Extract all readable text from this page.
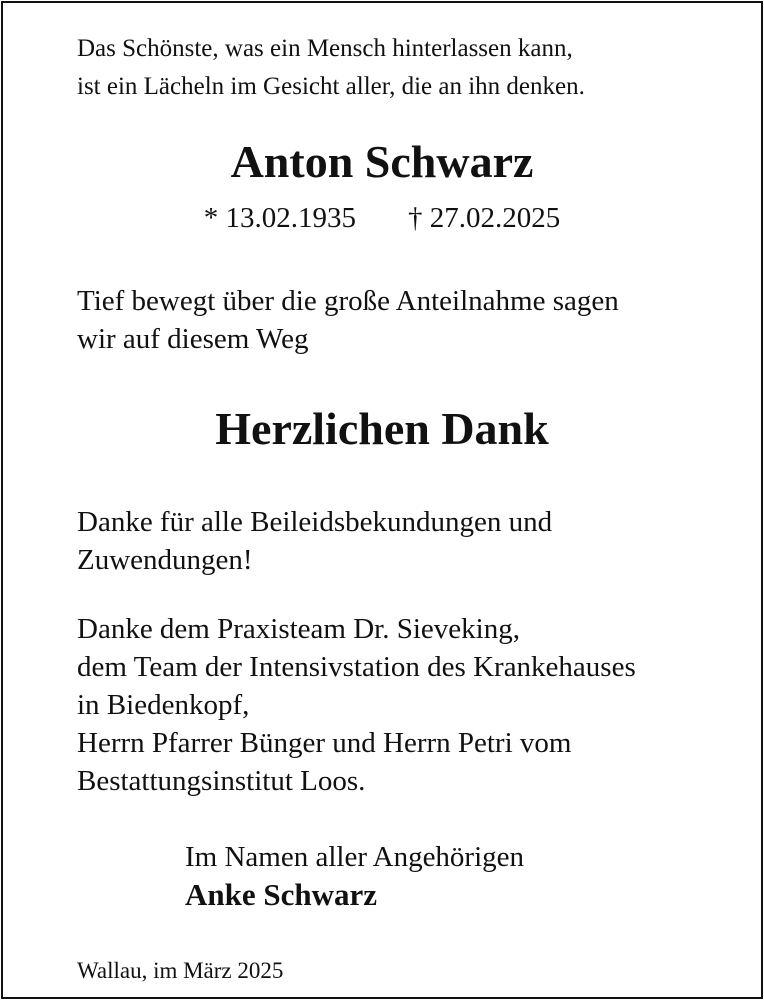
Das Schönste, was ein Mensch hinterlassen kann,
ist ein Lächeln im Gesicht aller, die an ihn denken.
Anton Schwarz
* 13.02.1935 † 27.02.2025
Tief bewegt über die große Anteilnahme sagen
wir auf diesem Weg
Herzlichen Dank
Danke für alle Beileidsbekundungen und
Zuwendungen!
Danke dem Praxisteam Dr. Sieveking,
dem Team der Intensivstation des Krankehauses
in Biedenkopf,
Herrn Pfarrer Bünger und Herrn Petri vom
Bestattungsinstitut Loos.
Im Namen aller Angehörigen
Anke Schwarz
Wallau, im März 2025
